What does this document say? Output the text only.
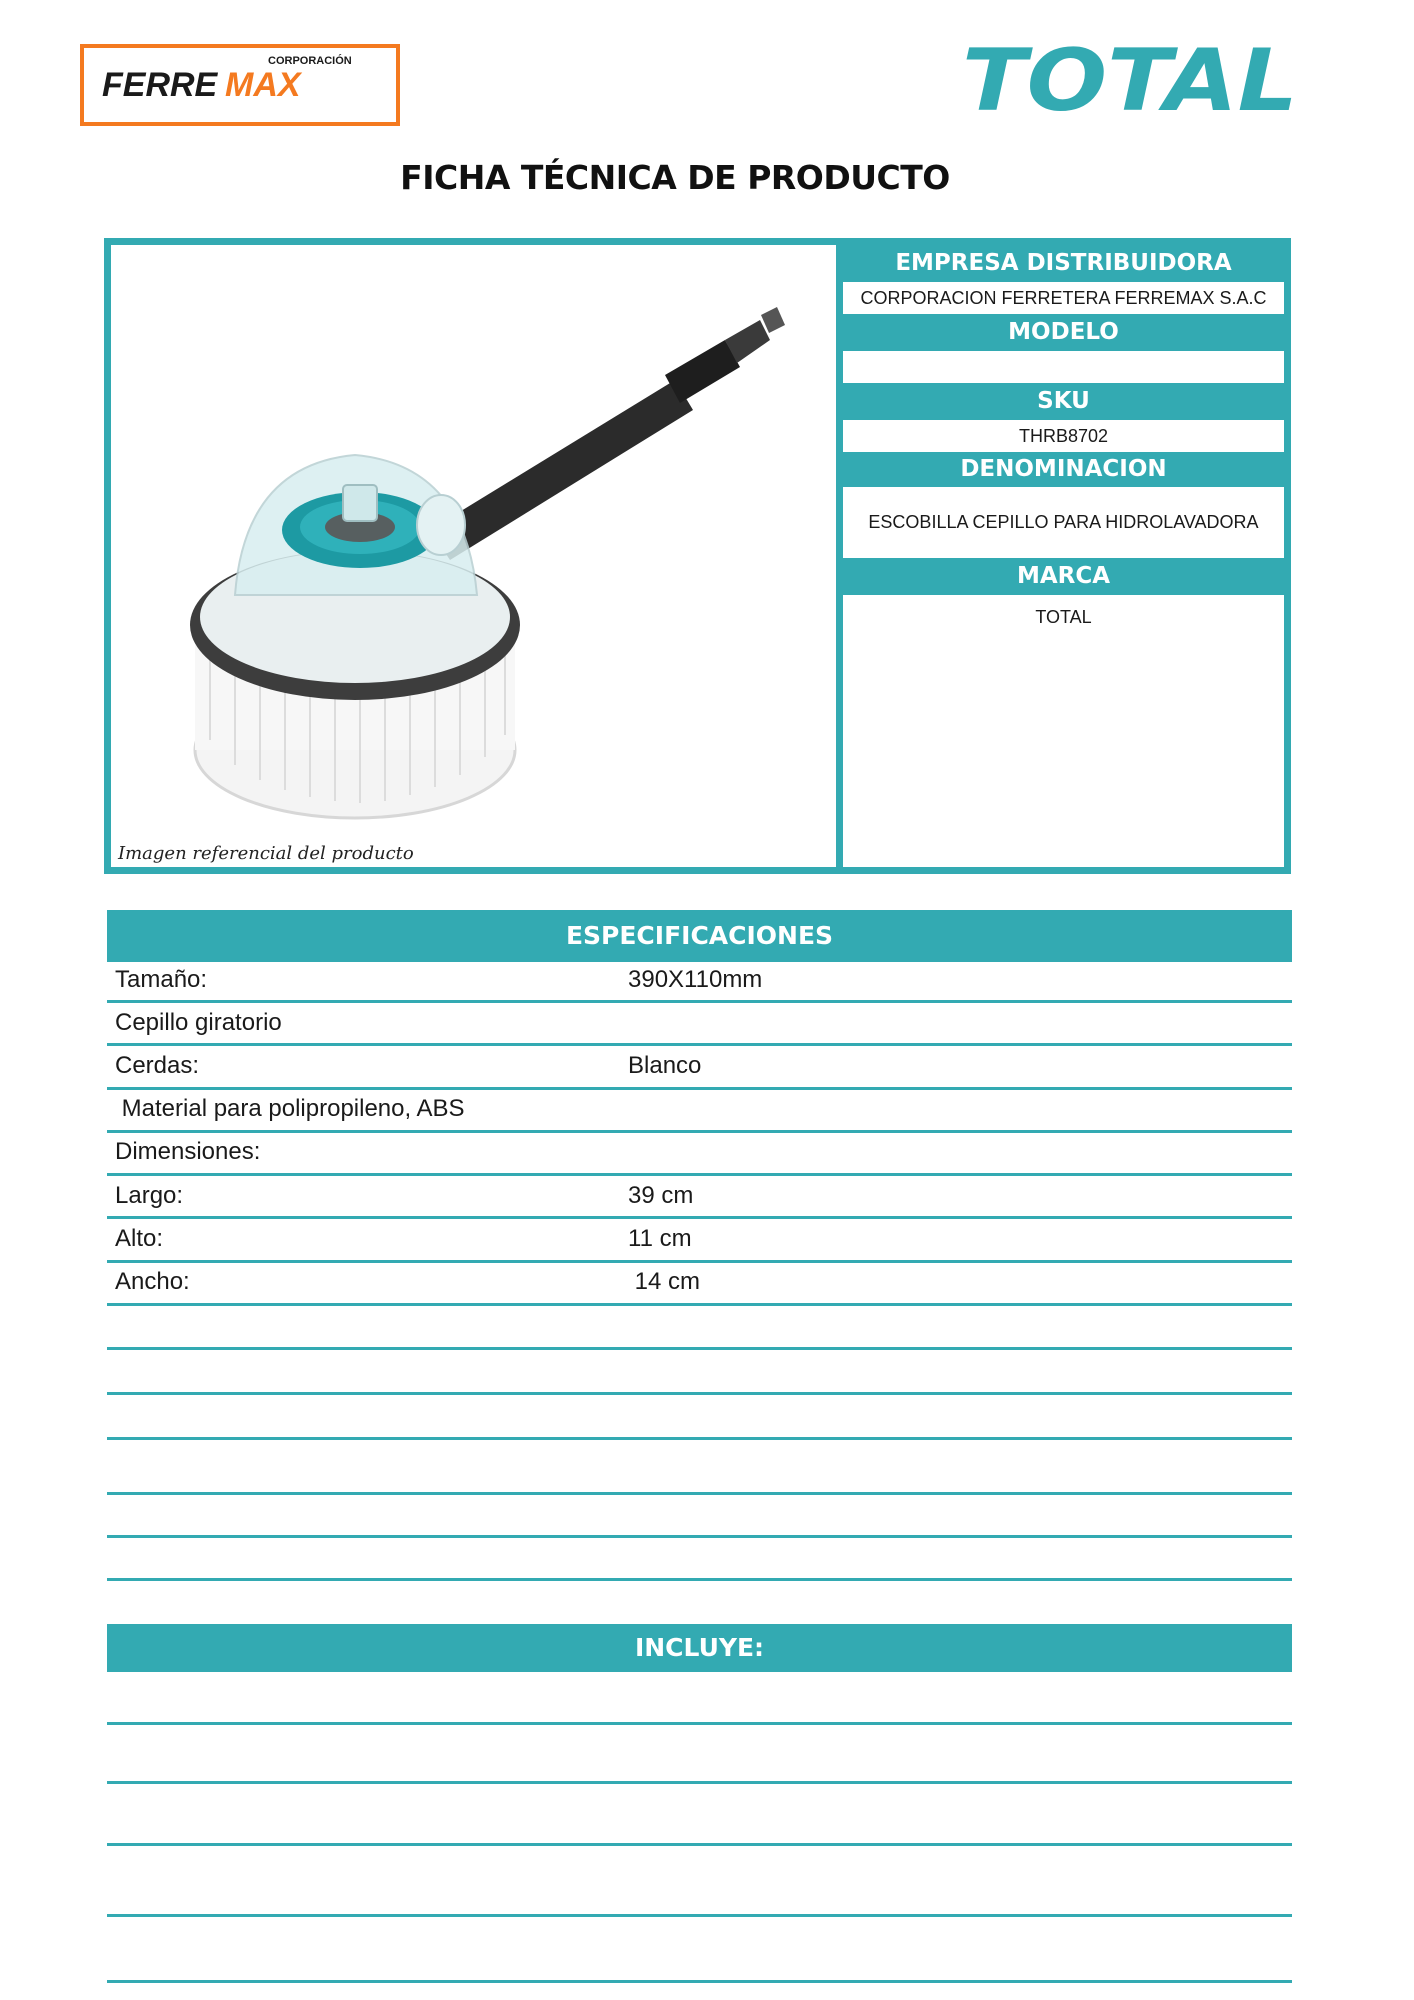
CORPORACIÓN
FERRE MAX	TOTAL
FICHA TÉCNICA DE PRODUCTO
Imagen referencial del producto
EMPRESA DISTRIBUIDORA
CORPORACION FERRETERA FERREMAX S.A.C
MODELO
SKU
THRB8702
DENOMINACION
ESCOBILLA CEPILLO PARA HIDROLAVADORA
MARCA
TOTAL
ESPECIFICACIONES
Tamaño:	390X110mm
Cepillo giratorio
Cerdas:	Blanco
Material para polipropileno, ABS
Dimensiones:
Largo:	39 cm
Alto:	11 cm
Ancho:	14 cm
INCLUYE:
